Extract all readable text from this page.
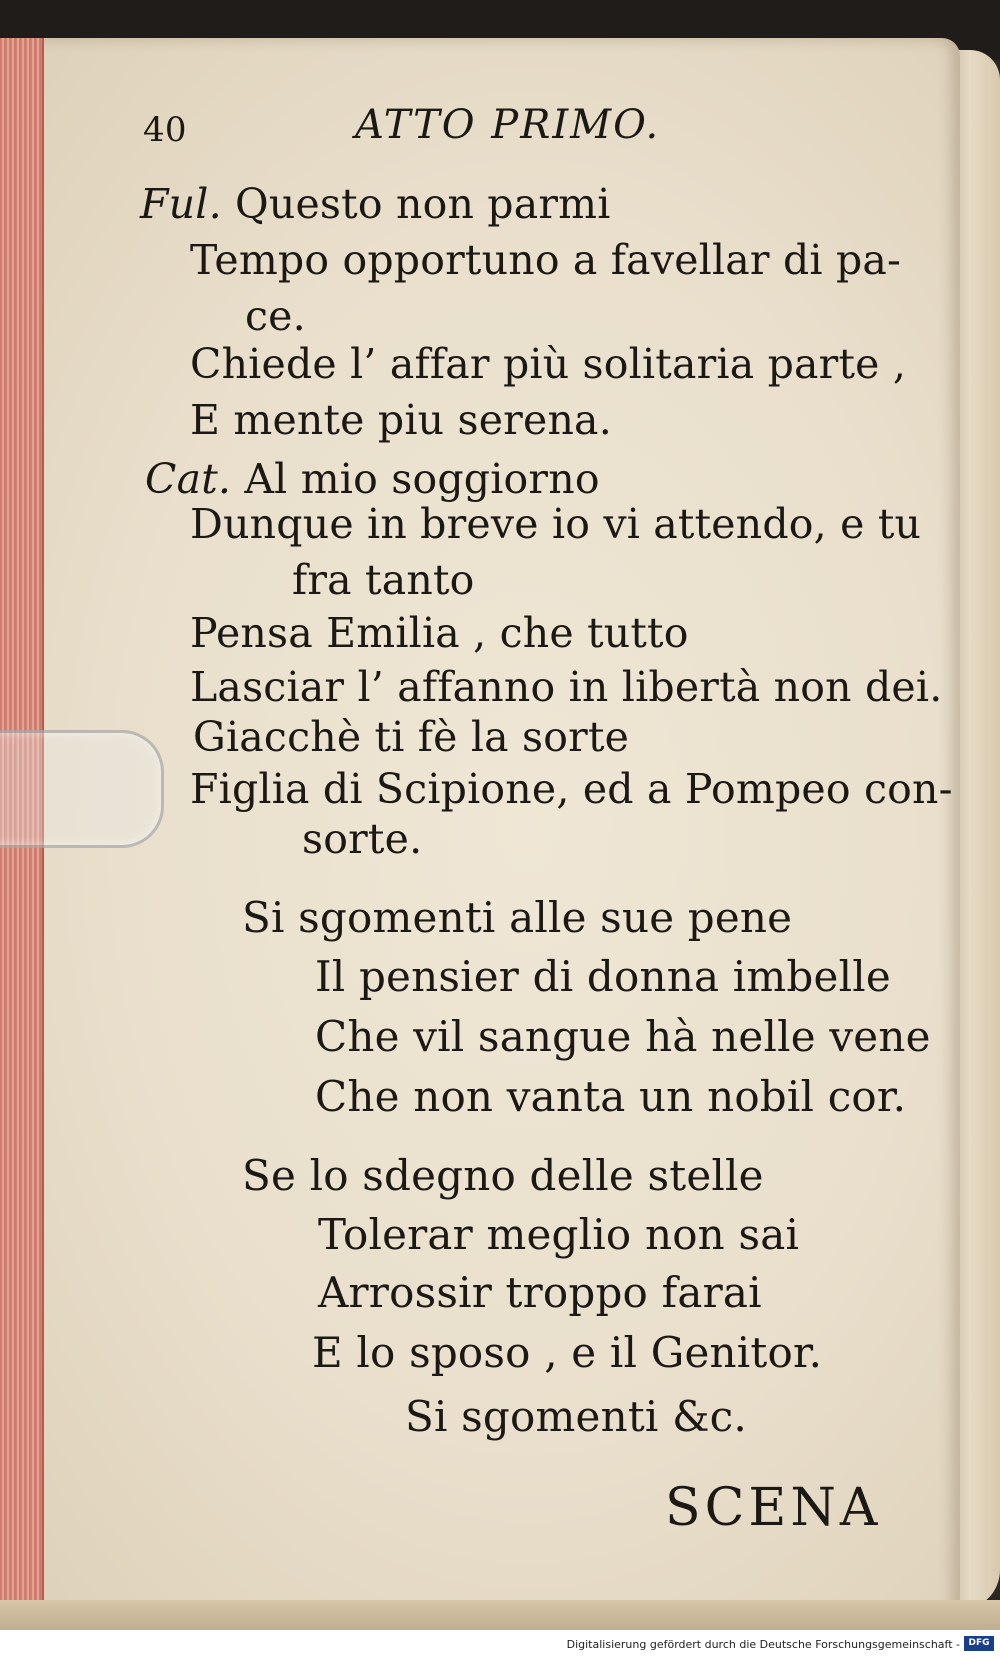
40	ATTO PRIMO.
Ful. Questo non parmi
Tempo opportuno a favellar di pa-
ce.
Chiede l’ affar più solitaria parte ,
E mente piu serena.
Cat. Al mio soggiorno
Dunque in breve io vi attendo, e tu
fra tanto
Pensa Emilia , che tutto
Lasciar l’ affanno in libertà non dei.
Giacchè ti fè la sorte
Figlia di Scipione, ed a Pompeo con-
sorte.
Si sgomenti alle sue pene
Il pensier di donna imbelle
Che vil sangue hà nelle vene
Che non vanta un nobil cor.
Se lo sdegno delle stelle
Tolerar meglio non sai
Arrossir troppo farai
E lo sposo , e il Genitor.
Si sgomenti &c.
SCENA
Digitalisierung gefördert durch die Deutsche Forschungsgemeinschaft - DFG
